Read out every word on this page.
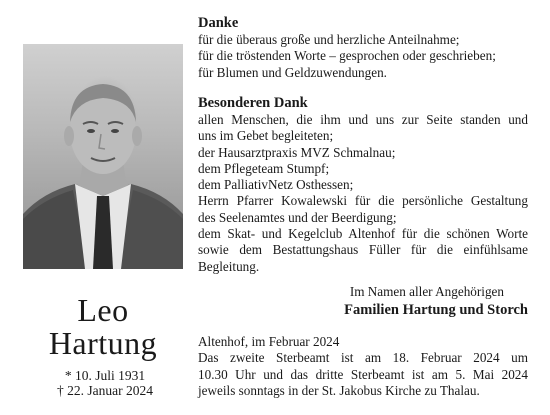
Leo
Hartung
* 10. Juli 1931
† 22. Januar 2024
Danke
für die überaus große und herzliche Anteilnahme;
für die tröstenden Worte – gesprochen oder geschrieben;
für Blumen und Geldzuwendungen.
Besonderen Dank
allen Menschen, die ihm und uns zur Seite standen und
uns im Gebet begleiteten;
der Hausarztpraxis MVZ Schmalnau;
dem Pflegeteam Stumpf;
dem PalliativNetz Osthessen;
Herrn Pfarrer Kowalewski für die persönliche Gestaltung
des Seelenamtes und der Beerdigung;
dem Skat- und Kegelclub Altenhof für die schönen Worte
sowie dem Bestattungshaus Füller für die einfühlsame
Begleitung.
Im Namen aller Angehörigen
Familien Hartung und Storch
Altenhof, im Februar 2024
Das zweite Sterbeamt ist am 18. Februar 2024 um
10.30 Uhr und das dritte Sterbeamt ist am 5. Mai 2024
jeweils sonntags in der St. Jakobus Kirche zu Thalau.
